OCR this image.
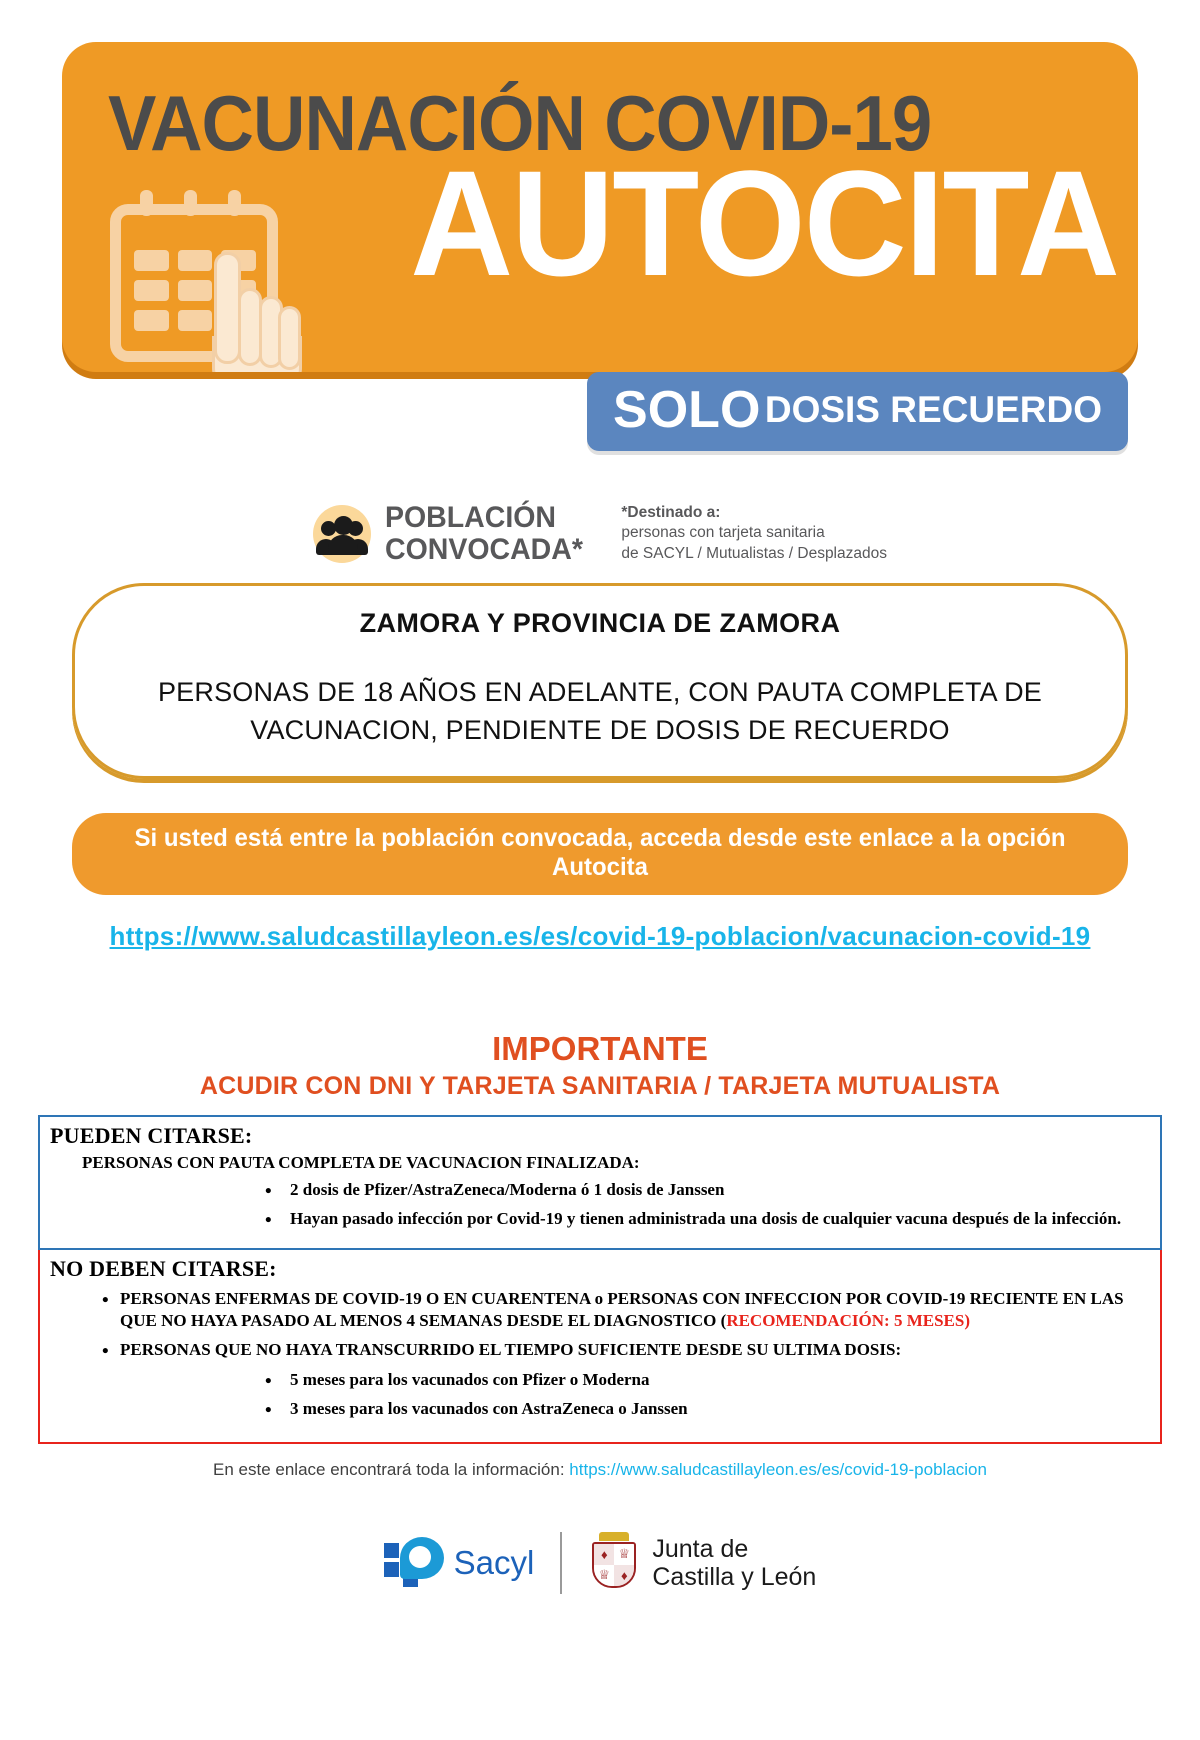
VACUNACIÓN COVID-19
AUTOCITA
SOLO DOSIS RECUERDO
POBLACIÓN
CONVOCADA*
*Destinado a:
personas con tarjeta sanitaria
de SACYL / Mutualistas / Desplazados
ZAMORA Y PROVINCIA DE ZAMORA
PERSONAS DE 18 AÑOS EN ADELANTE, CON PAUTA COMPLETA DE VACUNACION, PENDIENTE DE DOSIS DE RECUERDO
Si usted está entre la población convocada, acceda desde este enlace a la opción Autocita
https://www.saludcastillayleon.es/es/covid-19-poblacion/vacunacion-covid-19
IMPORTANTE
ACUDIR CON DNI Y TARJETA SANITARIA / TARJETA MUTUALISTA
PUEDEN CITARSE:
PERSONAS CON PAUTA COMPLETA DE VACUNACION FINALIZADA:
• 2 dosis de Pfizer/AstraZeneca/Moderna ó 1 dosis de Janssen
• Hayan pasado infección por Covid-19 y tienen administrada una dosis de cualquier vacuna después de la infección.
NO DEBEN CITARSE:
• PERSONAS ENFERMAS DE COVID-19 O EN CUARENTENA o PERSONAS CON INFECCION POR COVID-19 RECIENTE EN LAS QUE NO HAYA PASADO AL MENOS 4 SEMANAS DESDE EL DIAGNOSTICO (RECOMENDACIÓN: 5 MESES)
• PERSONAS QUE NO HAYA TRANSCURRIDO EL TIEMPO SUFICIENTE DESDE SU ULTIMA DOSIS:
• 5 meses para los vacunados con Pfizer o Moderna
• 3 meses para los vacunados con AstraZeneca o Janssen
En este enlace encontrará toda la información: https://www.saludcastillayleon.es/es/covid-19-poblacion
Sacyl	♦ ♕
♕ ♦
Junta de
Castilla y León
